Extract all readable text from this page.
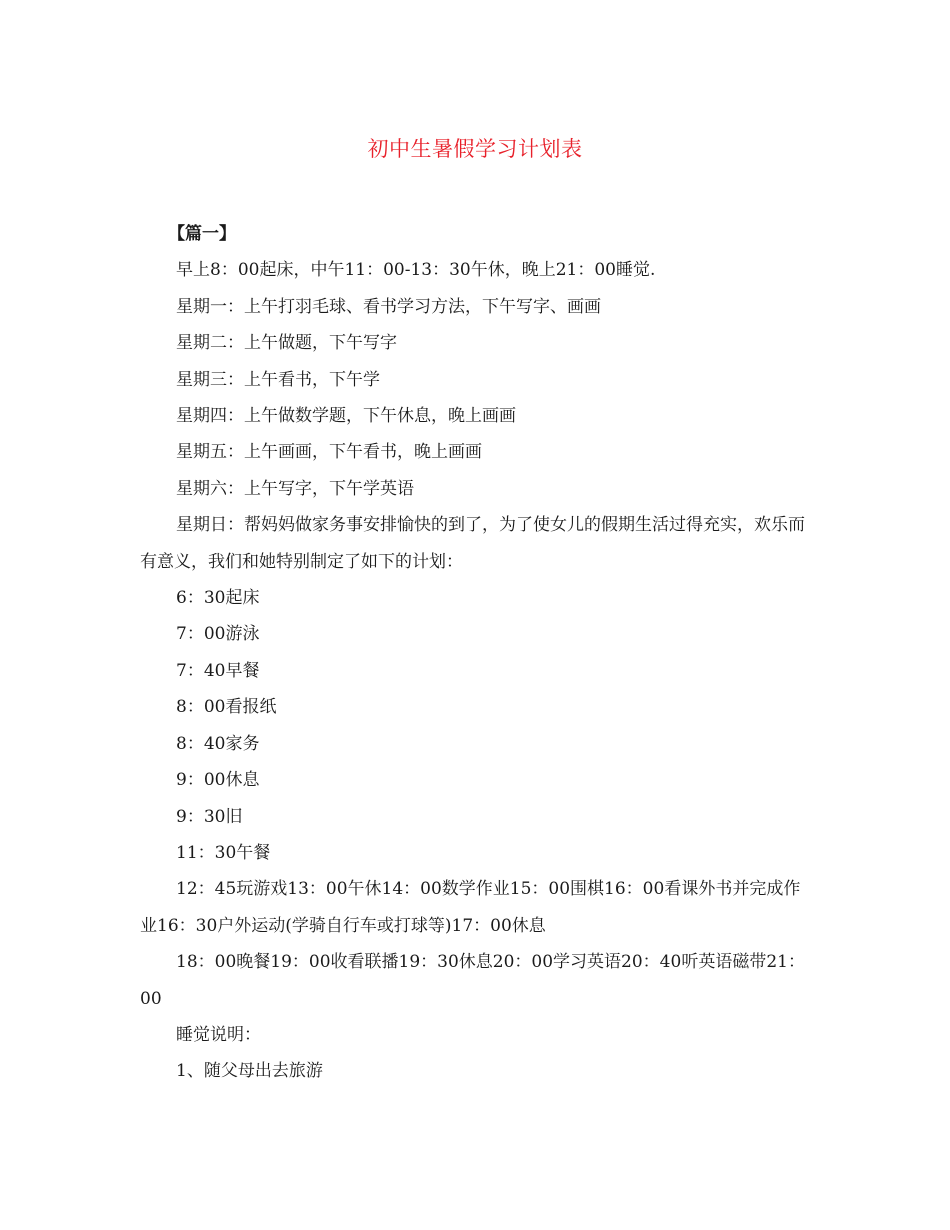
初中生暑假学习计划表

【篇一】

早上8：00起床，中午11：00-13：30午休，晚上21：00睡觉.

星期一：上午打羽毛球、看书学习方法，下午写字、画画

星期二：上午做题，下午写字

星期三：上午看书，下午学

星期四：上午做数学题，下午休息，晚上画画

星期五：上午画画，下午看书，晚上画画

星期六：上午写字，下午学英语

星期日：帮妈妈做家务事安排愉快的到了，为了使女儿的假期生活过得充实，欢乐而有意义，我们和她特别制定了如下的计划：

6：30起床

7：00游泳

7：40早餐

8：00看报纸

8：40家务

9：00休息

9：30旧

11：30午餐

12：45玩游戏13：00午休14：00数学作业15：00围棋16：00看课外书并完成作业16：30户外运动(学骑自行车或打球等)17：00休息

18：00晚餐19：00收看联播19：30休息20：00学习英语20：40听英语磁带21：00

睡觉说明：

1、随父母出去旅游
